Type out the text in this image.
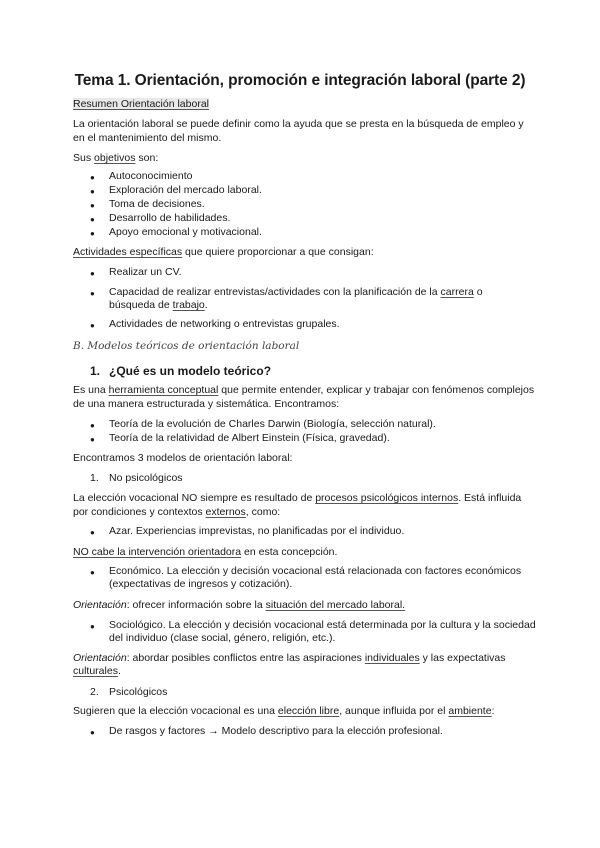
Tema 1. Orientación, promoción e integración laboral (parte 2)
Resumen Orientación laboral
La orientación laboral se puede definir como la ayuda que se presta en la búsqueda de empleo y
en el mantenimiento del mismo.
Sus objetivos son:
● Autoconocimiento
● Exploración del mercado laboral.
● Toma de decisiones.
● Desarrollo de habilidades.
● Apoyo emocional y motivacional.
Actividades específicas que quiere proporcionar a que consigan:
● Realizar un CV.
● Capacidad de realizar entrevistas/actividades con la planificación de la carrera o
búsqueda de trabajo.
● Actividades de networking o entrevistas grupales.
B. Modelos teóricos de orientación laboral
1. ¿Qué es un modelo teórico?
Es una herramienta conceptual que permite entender, explicar y trabajar con fenómenos complejos
de una manera estructurada y sistemática. Encontramos:
● Teoría de la evolución de Charles Darwin (Biología, selección natural).
● Teoría de la relatividad de Albert Einstein (Física, gravedad).
Encontramos 3 modelos de orientación laboral:
1. No psicológicos
La elección vocacional NO siempre es resultado de procesos psicológicos internos. Está influida
por condiciones y contextos externos, como:
● Azar. Experiencias imprevistas, no planificadas por el individuo.
NO cabe la intervención orientadora en esta concepción.
● Económico. La elección y decisión vocacional está relacionada con factores económicos
(expectativas de ingresos y cotización).
Orientación: ofrecer información sobre la situación del mercado laboral.
● Sociológico. La elección y decisión vocacional está determinada por la cultura y la sociedad
del individuo (clase social, género, religión, etc.).
Orientación: abordar posibles conflictos entre las aspiraciones individuales y las expectativas
culturales.
2. Psicológicos
Sugieren que la elección vocacional es una elección libre, aunque influida por el ambiente:
● De rasgos y factores → Modelo descriptivo para la elección profesional.
